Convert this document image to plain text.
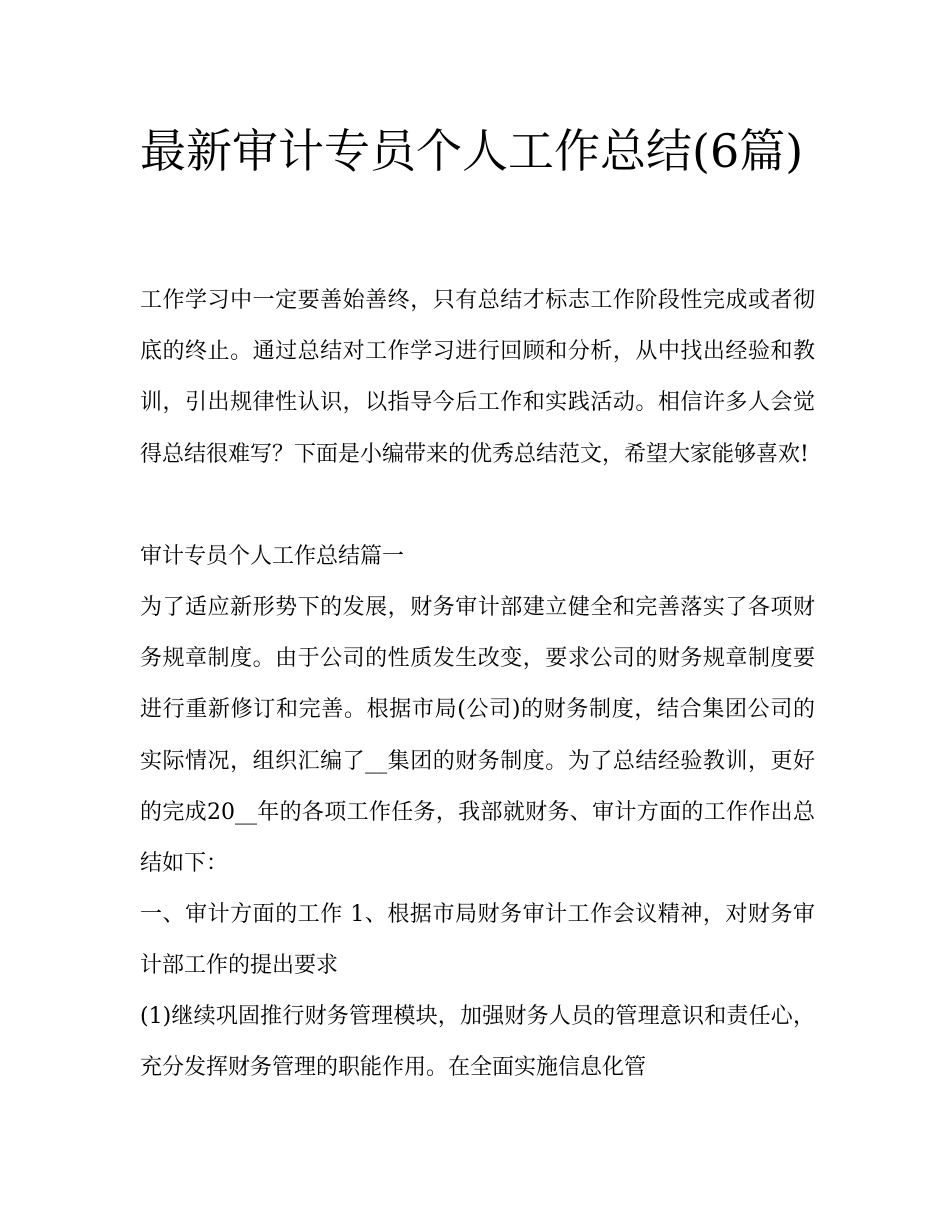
最新审计专员个人工作总结(6篇)

工作学习中一定要善始善终，只有总结才标志工作阶段性完成或者彻底的终止。通过总结对工作学习进行回顾和分析，从中找出经验和教训，引出规律性认识，以指导今后工作和实践活动。相信许多人会觉得总结很难写？下面是小编带来的优秀总结范文，希望大家能够喜欢!

审计专员个人工作总结篇一

为了适应新形势下的发展，财务审计部建立健全和完善落实了各项财务规章制度。由于公司的性质发生改变，要求公司的财务规章制度要进行重新修订和完善。根据市局(公司)的财务制度，结合集团公司的实际情况，组织汇编了__集团的财务制度。为了总结经验教训，更好的完成20__年的各项工作任务，我部就财务、审计方面的工作作出总结如下：

一、审计方面的工作 1、根据市局财务审计工作会议精神，对财务审计部工作的提出要求

(1)继续巩固推行财务管理模块，加强财务人员的管理意识和责任心，充分发挥财务管理的职能作用。在全面实施信息化管
